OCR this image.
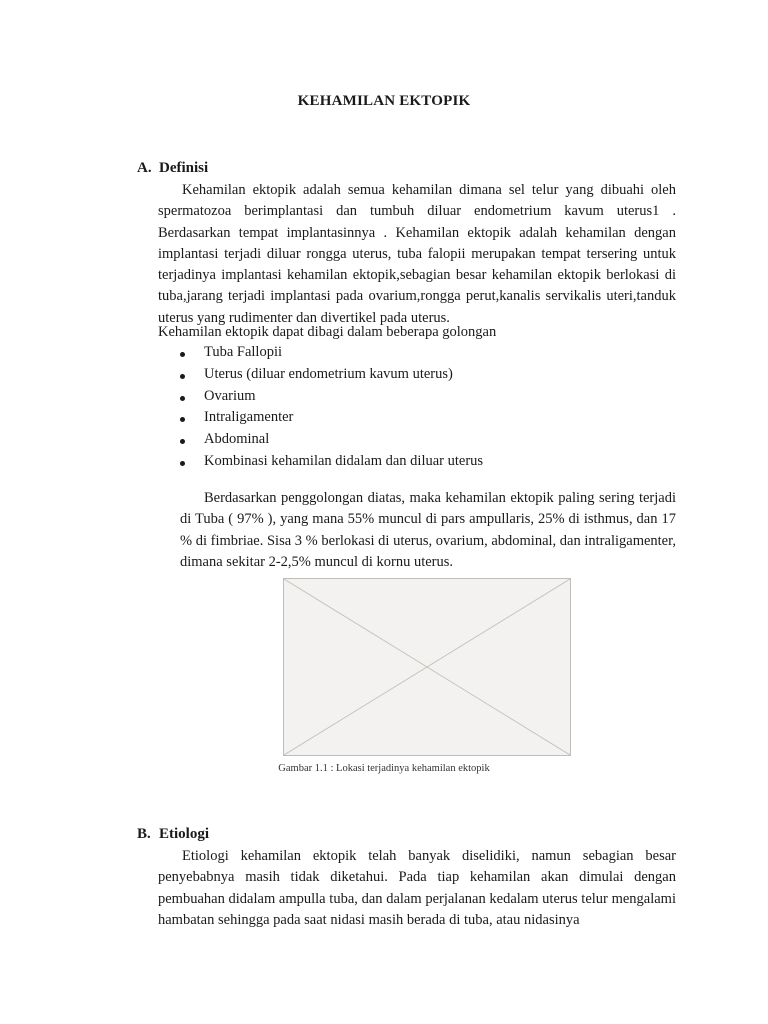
KEHAMILAN EKTOPIK
A. Definisi

Kehamilan ektopik adalah semua kehamilan dimana sel telur yang dibuahi oleh spermatozoa berimplantasi dan tumbuh diluar endometrium kavum uterus1 . Berdasarkan tempat implantasinnya . Kehamilan ektopik adalah kehamilan dengan implantasi terjadi diluar rongga uterus, tuba falopii merupakan tempat tersering untuk terjadinya implantasi kehamilan ektopik,sebagian besar kehamilan ektopik berlokasi di tuba,jarang terjadi implantasi pada ovarium,rongga perut,kanalis servikalis uteri,tanduk uterus yang rudimenter dan divertikel pada uterus.

Kehamilan ektopik dapat dibagi dalam beberapa golongan
Tuba Fallopii
Uterus (diluar endometrium kavum uterus)
Ovarium
Intraligamenter
Abdominal
Kombinasi kehamilan didalam dan diluar uterus

Berdasarkan penggolongan diatas, maka kehamilan ektopik paling sering terjadi di Tuba ( 97% ), yang mana 55% muncul di pars ampullaris, 25% di isthmus, dan 17 % di fimbriae. Sisa 3 % berlokasi di uterus, ovarium, abdominal, dan intraligamenter, dimana sekitar 2-2,5% muncul di kornu uterus.

Gambar 1.1 : Lokasi terjadinya kehamilan ektopik
B. Etiologi

Etiologi kehamilan ektopik telah banyak diselidiki, namun sebagian besar penyebabnya masih tidak diketahui. Pada tiap kehamilan akan dimulai dengan pembuahan didalam ampulla tuba, dan dalam perjalanan kedalam uterus telur mengalami hambatan sehingga pada saat nidasi masih berada di tuba, atau nidasinya
